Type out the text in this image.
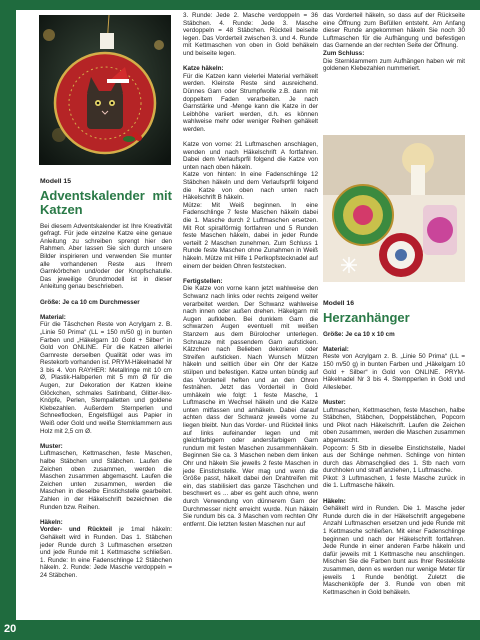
Modell 15
Adventskalender mit Katzen

Bei diesem Adventskalender ist Ihre Kreativität gefragt. Für jede einzelne Katze eine genaue Anleitung zu schreiben sprengt hier den Rahmen. Aber lassen Sie sich durch unsere Bilder inspirieren und verwenden Sie munter alle vorhandenen Reste aus Ihrem Garnkörbchen und/oder der Knopfschatulle. Das jeweilige Grundmodell ist in dieser Anleitung genau beschrieben.

Größe: Je ca 10 cm Durchmesser

Material:

Für die Täschchen Reste von Acrylgarn z. B. „Linie 50 Prima“ (LL = 150 m/50 g) in bunten Farben und „Häkelgarn 10 Gold + Silber“ in Gold von ONLINE. Für die Katzen allerlei Garnreste derselben Qualität oder was im Restekorb vorhanden ist. PRYM-Häkelnadel Nr 3 bis 4. Von RAYHER: Metallringe mit 10 cm Ø, Plastik-Halbperlen mit 5 mm Ø für die Augen, zur Dekoration der Katzen kleine Glöckchen, schmales Satinband, Glitter-Ilex-Knöpfe, Perlen, Stempalletten und goldene Klebezahlen. Außerdem Sternperlen und Schneeflocken, Engelsflügel aus Papier in Weiß oder Gold und weiße Sternklammern aus Holz mit 2,5 cm Ø.

Muster:

Luftmaschen, Kettmaschen, feste Maschen, halbe Stäbchen und Stäbchen. Laufen die Zeichen oben zusammen, werden die Maschen zusammen abgemascht. Laufen die Zeichen unten zusammen, werden die Maschen in dieselbe Einstichstelle gearbeitet. Zahlen in der Häkelschrift bezeichnen die Runden bzw. Reihen.

Häkeln:

Vorder- und Rückteil je 1mal häkeln: Gehäkelt wird in Runden. Das 1. Stäbchen jeder Runde durch 3 Luftmaschen ersetzen und jede Runde mit 1 Kettmasche schließen. 1. Runde: In eine Fadenschlinge 12 Stäbchen häkeln. 2. Runde: Jede Masche verdoppeln = 24 Stäbchen.

3. Runde: Jede 2. Masche verdoppeln = 36 Stäbchen. 4. Runde: Jede 3. Masche verdoppeln = 48 Stäbchen. Rückteil beiseite legen. Das Vorderteil zwischen 3. und 4. Runde mit Kettmaschen von oben in Gold behäkeln und beiseite legen.

Katze häkeln:

Für die Katzen kann vielerlei Material verhäkelt werden. Kleinste Reste sind ausreichend. Dünnes Garn oder Strumpfwolle z.B. dann mit doppeltem Faden verarbeiten. Je nach Garnstärke und -Menge kann die Katze in der Leibhöhe variiert werden, d.h. es können wahlweise mehr oder weniger Reihen gehäkelt werden.

Katze von vorne: 21 Luftmaschen anschlagen, wenden und nach Häkelschrift A fortfahren. Dabei dem Verlaufsprfil folgend die Katze von unten nach oben häkeln.
Katze von hinten: In eine Fadenschlinge 12 Stäbchen häkeln und dem Verlaufsprfil folgend die Katze von oben nach unten nach Häkelschrift B häkeln.

Mütze: Mit Weiß beginnen. In eine Fadenschlinge 7 feste Maschen häkeln dabei die 1. Masche durch 2 Luftmaschen ersetzen. Mit Rot spiralförmig fortfahren und 5 Runden feste Maschen häkeln, dabei in jeder Runde verteilt 2 Maschen zunehmen. Zum Schluss 1 Runde feste Maschen ohne Zunahmen in Weiß häkeln. Mütze mit Hilfe 1 Perlkopfstecknadel auf einem der beiden Ohren feststecken.

Fertigstellen:

Die Katze von vorne kann jetzt wahlweise den Schwanz nach links oder rechts zeigend weiter verarbeitet werden. Der Schwanz wahlweise nach innen oder außen drehen. Häkelgarn mit Augen aufkleben. Bei dunklem Garn die schwarzen Augen eventuell mit weißen Stanzern aus dem Bürolocher unterlegen. Schnauze mit passendem Garn aufsticken. Kätzchen nach Belieben dekorieren oder Streifen aufsticken. Nach Wunsch Mützen häkeln und seitlich über ein Ohr der Katze stülpen und befestigen. Katze unten bündig auf das Vorderteil heften und an den Ohren festnähen. Jetzt das Vorderteil in Gold umhäkeln wie folgt: 1 feste Masche, 1 Luftmasche im Wechsel häkeln und die Katze unten mitfassen und anhäkeln. Dabei darauf achten dass der Schwanz jeweils vorne zu liegen bleibt. Nun das Vorder- und Rückteil links auf links aufeinander legen und mit gleichfarbigem oder andersfarbigem Garn rundum mit festen Maschen zusammenhäkeln. Beginnen Sie ca. 3 Maschen neben dem linken Ohr und häkeln Sie jewells 2 feste Maschen in jede Einstichstelle. Wer mag und wenn die Größe passt, häkelt dabei den Drahtreifen mit ein, das stabilisiert das ganze Täschchen und beschwert es ... aber es geht auch ohne, wenn durch Verwendung von dünnerem Garn der Durchmesser nicht erreicht wurde. Nun häkeln Sie rundum bis ca. 3 Maschen vom rechten Ohr entfernt. Die letzten festen Maschen nur auf

das Vorderteil häkeln, so dass auf der Rückseite eine Öffnung zum Befüllen entsteht. Am Anfang dieser Runde angekommen häkeln Sie noch 30 Luftmaschen für die Aufhängung und befestigen das Garnende an der rechten Seite der Öffnung.
Zum Schluss:
Die Sternklammern zum Aufhängen haben wir mit goldenen Klebezahlen nummeriert.
Modell 16
Herzanhänger

Größe: Je ca 10 x 10 cm

Material:

Reste von Acrylgarn z. B. „Linie 50 Prima“ (LL = 150 m/50 g) in bunten Farben und „Häkelgarn 10 Gold + Silber“ in Gold von ONLINE. PRYM-Häkelnadel Nr 3 bis 4. Stempperlen in Gold und Allesleber.

Muster:
Luftmaschen, Kettmaschen, feste Maschen, halbe Stäbchen, Stäbchen, Doppelstäbchen, Popcorn und Pikot nach Häkelschrift. Laufen die Zeichen oben zusammen, werden die Maschen zusammen abgemascht.
Popcorn: 5 Stb in dieselbe Einstichstelle, Nadel aus der Schlinge nehmen. Schlinge von hinten durch das Abmaschglied des 1. Stb nach vorn durchholen und straff anziehen, 1 Luftmasche.

Pikot: 3 Luftmaschen, 1 feste Masche zurück in die 1. Luftmasche häkeln.

Häkeln:

Gehäkelt wird in Runden. Die 1. Masche jeder Runde durch die in der Häkelschrift angegebene Anzahl Luftmaschen ersetzen und jede Runde mit 1 Kettmasche schließen. Mit einer Fadenschlinge beginnen und nach der Häkelschrift fortfahren. Jede Runde in einer anderen Farbe häkeln und dafür jeweils mit 1 Kettmasche neu anschlingen. Mischen Sie die Farben bunt aus Ihrer Restekiste zusammen, denn es werden nur wenige Meter für jeweils 1 Runde benötigt. Zuletzt die Maschenköpfe der 3. Runde von oben mit Kettmaschen in Gold behäkeln.

20
